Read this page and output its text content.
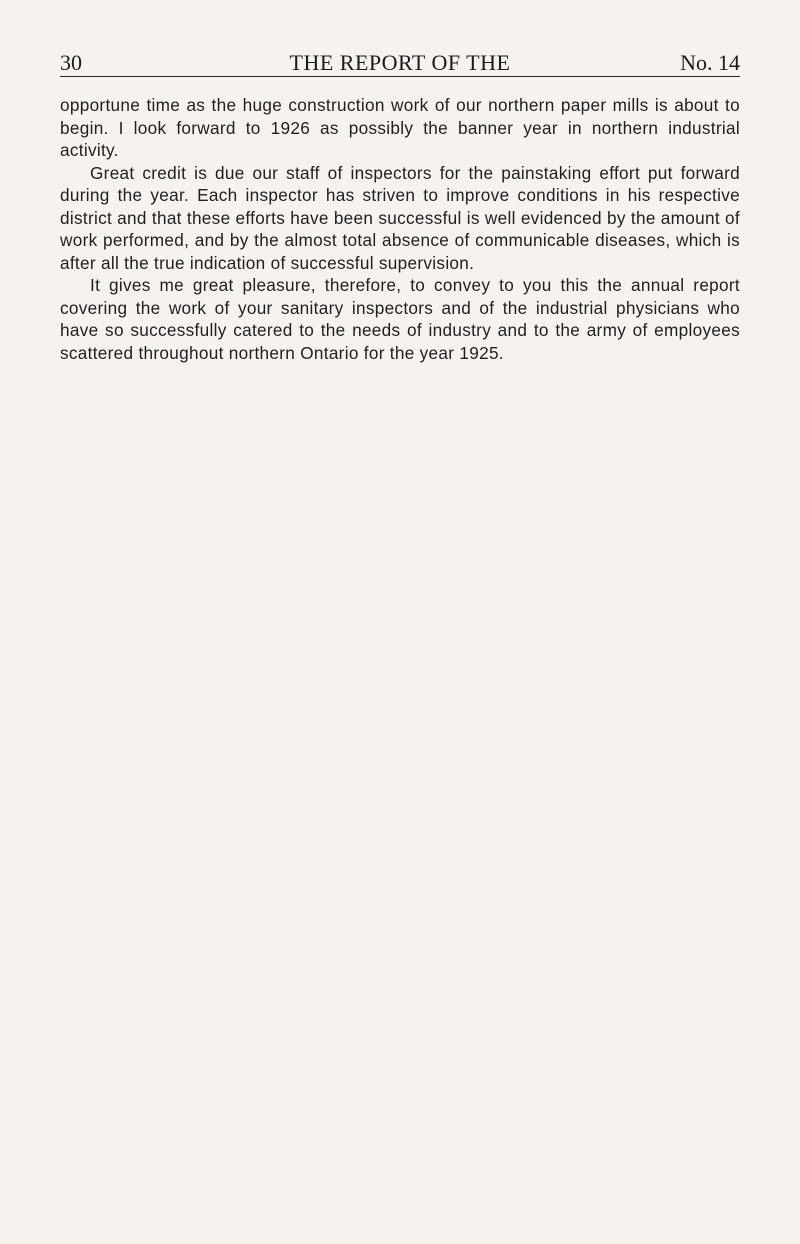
30	THE REPORT OF THE	No. 14

opportune time as the huge construction work of our northern paper mills is about to begin. I look forward to 1926 as possibly the banner year in northern industrial activity.

Great credit is due our staff of inspectors for the painstaking effort put forward during the year. Each inspector has striven to improve conditions in his respective district and that these efforts have been successful is well evidenced by the amount of work performed, and by the almost total absence of communicable diseases, which is after all the true indication of successful supervision.

It gives me great pleasure, therefore, to convey to you this the annual report covering the work of your sanitary inspectors and of the industrial physicians who have so successfully catered to the needs of industry and to the army of employees scattered throughout northern Ontario for the year 1925.
